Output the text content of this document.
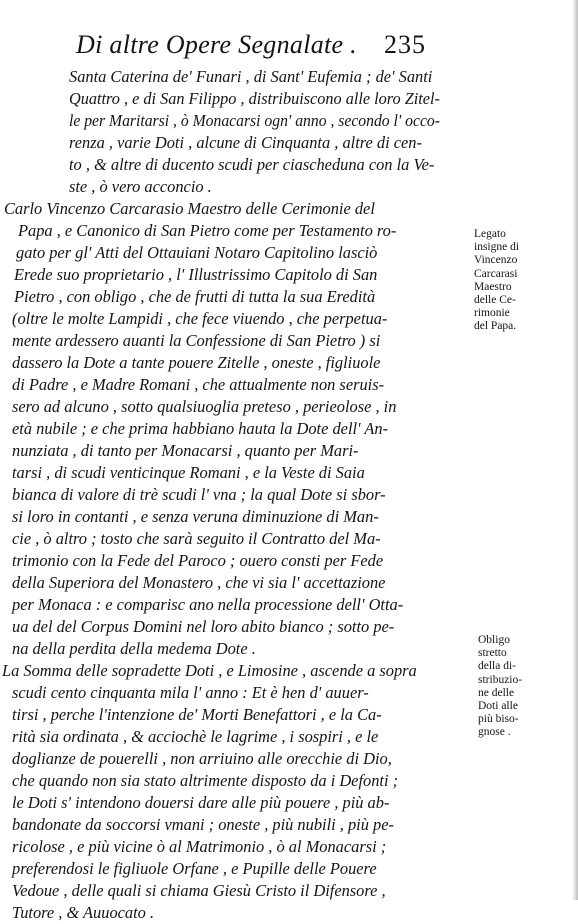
Di altre Opere Segnalate . 235
Santa Caterina de' Funari , di Sant' Eufemia ; de' Santi
Quattro , e di San Filippo , distribuiscono alle loro Zitel-
le per Maritarsi , ò Monacarsi ogn' anno , secondo l' occo-
renza , varie Doti , alcune di Cinquanta , altre di cen-
to , & altre di ducento scudi per ciascheduna con la Ve-
ste , ò vero acconcio .
Carlo Vincenzo Carcarasio Maestro delle Cerimonie del
Papa , e Canonico di San Pietro come per Testamento ro-
gato per gl' Atti del Ottauiani Notaro Capitolino lasciò
Erede suo proprietario , l' Illustrissimo Capitolo di San
Pietro , con obligo , che de frutti di tutta la sua Eredità
(oltre le molte Lampidi , che fece viuendo , che perpetua-
mente ardessero auanti la Confessione di San Pietro ) si
dassero la Dote a tante pouere Zitelle , oneste , figliuole
di Padre , e Madre Romani , che attualmente non seruis-
sero ad alcuno , sotto qualsiuoglia preteso , perieolose , in
età nubile ; e che prima habbiano hauta la Dote dell' An-
nunziata , di tanto per Monacarsi , quanto per Mari-
tarsi , di scudi venticinque Romani , e la Veste di Saia
bianca di valore di trè scudi l' vna ; la qual Dote si sbor-
si loro in contanti , e senza veruna diminuzione di Man-
cie , ò altro ; tosto che sarà seguito il Contratto del Ma-
trimonio con la Fede del Paroco ; ouero consti per Fede
della Superiora del Monastero , che vi sia l' accettazione
per Monaca : e comparisc ano nella processione dell' Otta-
ua del del Corpus Domini nel loro abito bianco ; sotto pe-
na della perdita della medema Dote .
La Somma delle sopradette Doti , e Limosine , ascende a sopra
scudi cento cinquanta mila l' anno : Et è hen d' auuer-
tirsi , perche l'intenzione de' Morti Benefattori , e la Ca-
rità sia ordinata , & acciochè le lagrime , i sospiri , e le
doglianze de pouerelli , non arriuino alle orecchie di Dio,
che quando non sia stato altrimente disposto da i Defonti ;
le Doti s' intendono douersi dare alle più pouere , più ab-
bandonate da soccorsi vmani ; oneste , più nubili , più pe-
ricolose , e più vicine ò al Matrimonio , ò al Monacarsi ;
preferendosi le figliuole Orfane , e Pupille delle Pouere
Vedoue , delle quali si chiama Giesù Cristo il Difensore ,
Tutore , & Auuocato .
Legato
insigne di
Vincenzo
Carcarasi
Maestro
delle Ce-
rimonie
del Papa.
Obligo
stretto
della di-
stribuzio-
ne delle
Doti alle
più biso-
gnose .
